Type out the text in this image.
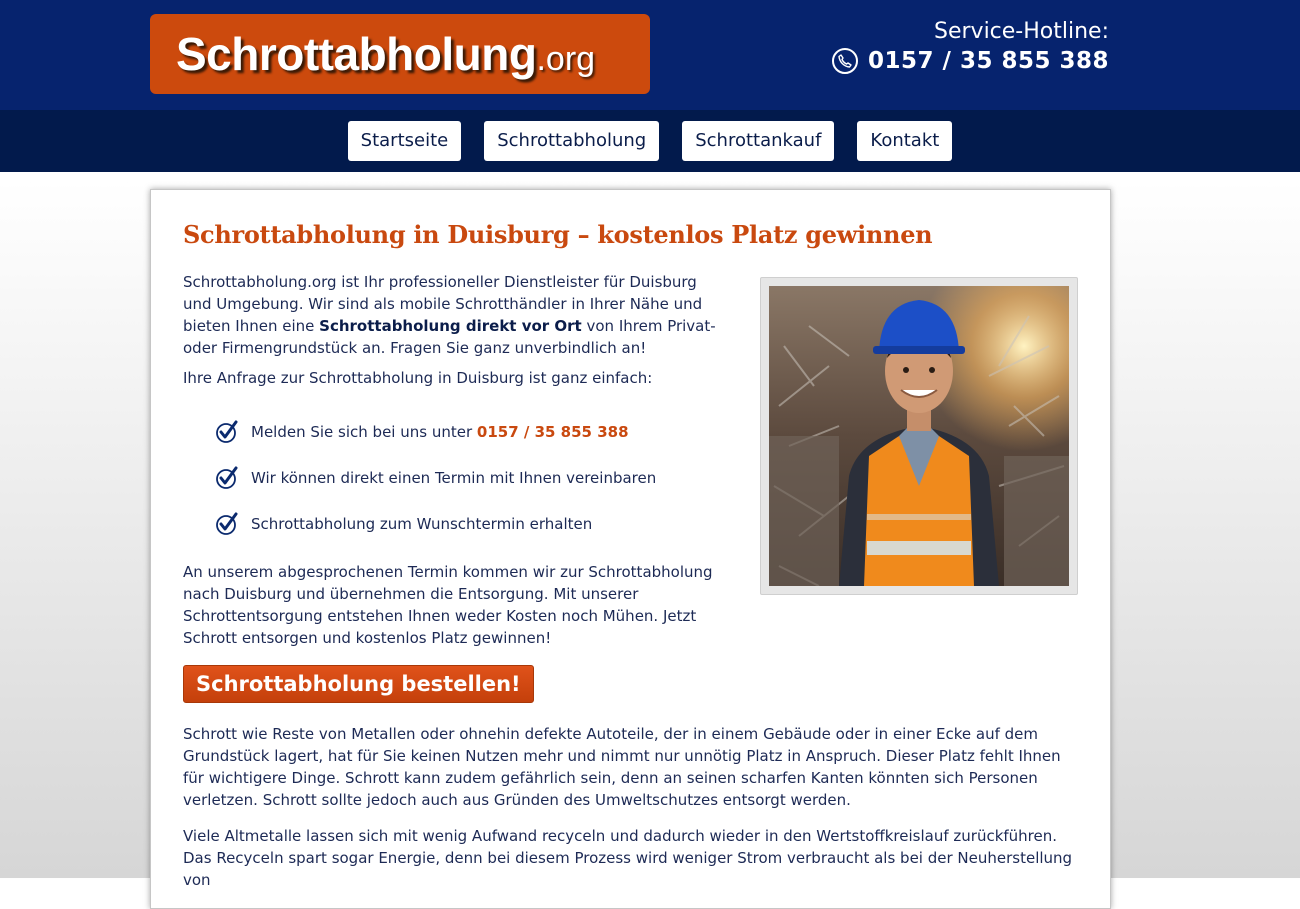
Schrottabholung .org
Service-Hotline:
0157 / 35 855 388
Startseite	Schrottabholung	Schrottankauf	Kontakt
Schrottabholung in Duisburg – kostenlos Platz gewinnen

Schrottabholung.org ist Ihr professioneller Dienstleister für Duisburg und Umgebung. Wir sind als mobile Schrotthändler in Ihrer Nähe und bieten Ihnen eine Schrottabholung direkt vor Ort von Ihrem Privat- oder Firmengrundstück an. Fragen Sie ganz unverbindlich an!

Ihre Anfrage zur Schrottabholung in Duisburg ist ganz einfach:

Melden Sie sich bei uns unter 0157 / 35 855 388
Wir können direkt einen Termin mit Ihnen vereinbaren
Schrottabholung zum Wunschtermin erhalten

An unserem abgesprochenen Termin kommen wir zur Schrottabholung nach Duisburg und übernehmen die Entsorgung. Mit unserer Schrottentsorgung entstehen Ihnen weder Kosten noch Mühen. Jetzt Schrott entsorgen und kostenlos Platz gewinnen!

Schrottabholung bestellen!

Schrott wie Reste von Metallen oder ohnehin defekte Autoteile, der in einem Gebäude oder in einer Ecke auf dem Grundstück lagert, hat für Sie keinen Nutzen mehr und nimmt nur unnötig Platz in Anspruch. Dieser Platz fehlt Ihnen für wichtigere Dinge. Schrott kann zudem gefährlich sein, denn an seinen scharfen Kanten könnten sich Personen verletzen. Schrott sollte jedoch auch aus Gründen des Umweltschutzes entsorgt werden.

Viele Altmetalle lassen sich mit wenig Aufwand recyceln und dadurch wieder in den Wertstoffkreislauf zurückführen. Das Recyceln spart sogar Energie, denn bei diesem Prozess wird weniger Strom verbraucht als bei der Neuherstellung von
